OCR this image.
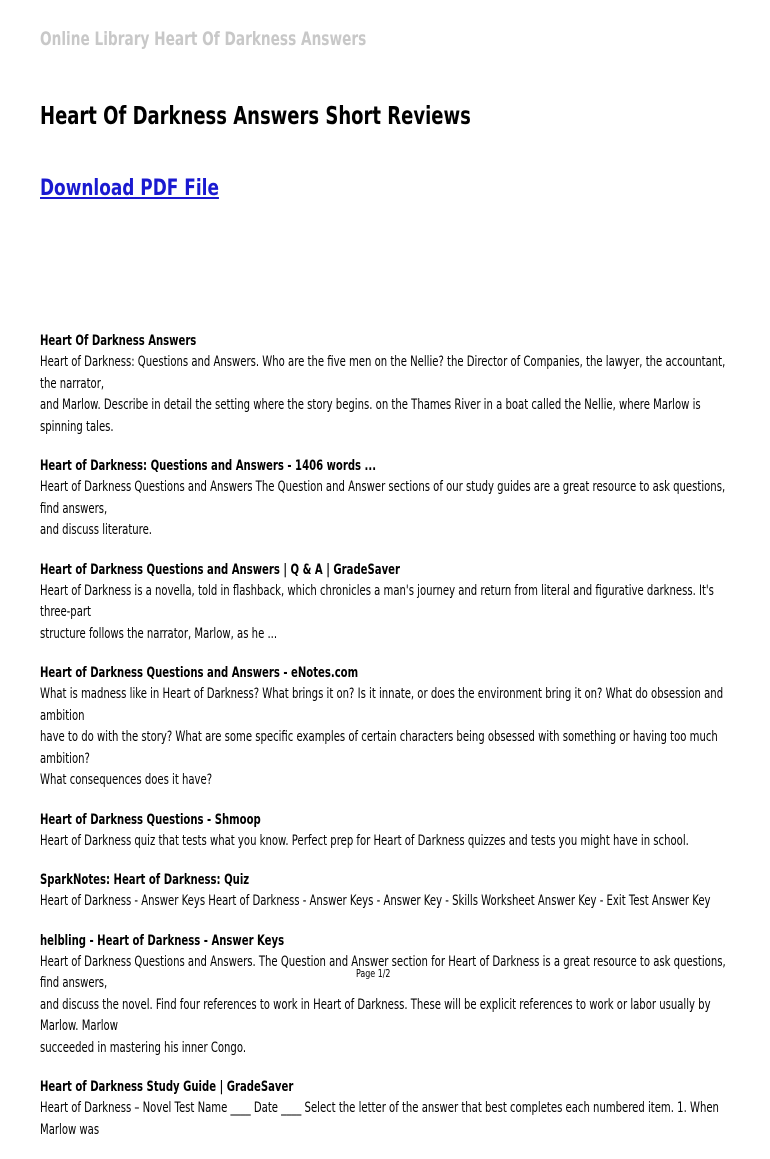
Online Library Heart Of Darkness Answers
Heart Of Darkness Answers Short Reviews
Download PDF File
Heart Of Darkness Answers
Heart of Darkness: Questions and Answers. Who are the five men on the Nellie? the Director of Companies, the lawyer, the accountant, the narrator,
and Marlow. Describe in detail the setting where the story begins. on the Thames River in a boat called the Nellie, where Marlow is spinning tales.
Heart of Darkness: Questions and Answers - 1406 words ...
Heart of Darkness Questions and Answers The Question and Answer sections of our study guides are a great resource to ask questions, find answers,
and discuss literature.
Heart of Darkness Questions and Answers | Q & A | GradeSaver
Heart of Darkness is a novella, told in flashback, which chronicles a man's journey and return from literal and figurative darkness. It's three-part
structure follows the narrator, Marlow, as he ...
Heart of Darkness Questions and Answers - eNotes.com
What is madness like in Heart of Darkness? What brings it on? Is it innate, or does the environment bring it on? What do obsession and ambition
have to do with the story? What are some specific examples of certain characters being obsessed with something or having too much ambition?
What consequences does it have?
Heart of Darkness Questions - Shmoop
Heart of Darkness quiz that tests what you know. Perfect prep for Heart of Darkness quizzes and tests you might have in school.
SparkNotes: Heart of Darkness: Quiz
Heart of Darkness - Answer Keys Heart of Darkness - Answer Keys - Answer Key - Skills Worksheet Answer Key - Exit Test Answer Key
helbling - Heart of Darkness - Answer Keys
Heart of Darkness Questions and Answers. The Question and Answer section for Heart of Darkness is a great resource to ask questions, find answers,
and discuss the novel. Find four references to work in Heart of Darkness. These will be explicit references to work or labor usually by Marlow. Marlow
succeeded in mastering his inner Congo.
Heart of Darkness Study Guide | GradeSaver
Heart of Darkness – Novel Test Name ____ Date ____ Select the letter of the answer that best completes each numbered item. 1. When Marlow was
Page 1/2
